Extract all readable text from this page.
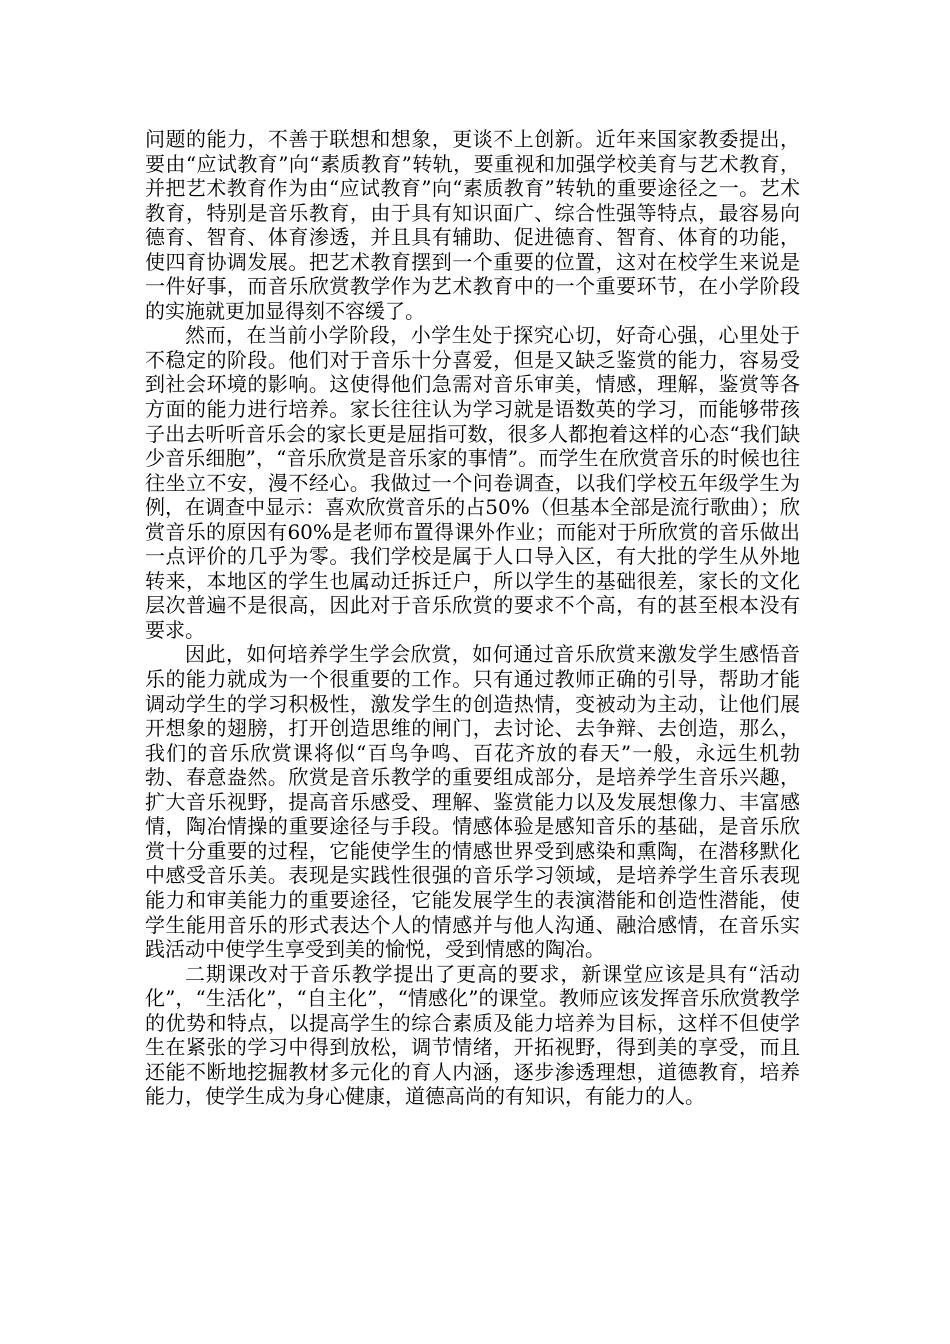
问题的能力，不善于联想和想象，更谈不上创新。近年来国家教委提出，要由“应试教育”向“素质教育”转轨，要重视和加强学校美育与艺术教育，并把艺术教育作为由“应试教育”向“素质教育”转轨的重要途径之一。艺术教育，特别是音乐教育，由于具有知识面广、综合性强等特点，最容易向德育、智育、体育渗透，并且具有辅助、促进德育、智育、体育的功能，使四育协调发展。把艺术教育摆到一个重要的位置，这对在校学生来说是一件好事，而音乐欣赏教学作为艺术教育中的一个重要环节，在小学阶段的实施就更加显得刻不容缓了。

然而，在当前小学阶段，小学生处于探究心切，好奇心强，心里处于不稳定的阶段。他们对于音乐十分喜爱，但是又缺乏鉴赏的能力，容易受到社会环境的影响。这使得他们急需对音乐审美，情感，理解，鉴赏等各方面的能力进行培养。家长往往认为学习就是语数英的学习，而能够带孩子出去听听音乐会的家长更是屈指可数，很多人都抱着这样的心态“我们缺少音乐细胞”，“音乐欣赏是音乐家的事情”。而学生在欣赏音乐的时候也往往坐立不安，漫不经心。我做过一个问卷调查，以我们学校五年级学生为例，在调查中显示：喜欢欣赏音乐的占50%（但基本全部是流行歌曲）；欣赏音乐的原因有60%是老师布置得课外作业；而能对于所欣赏的音乐做出一点评价的几乎为零。我们学校是属于人口导入区，有大批的学生从外地转来，本地区的学生也属动迁拆迁户，所以学生的基础很差，家长的文化层次普遍不是很高，因此对于音乐欣赏的要求不个高，有的甚至根本没有要求。

因此，如何培养学生学会欣赏，如何通过音乐欣赏来激发学生感悟音乐的能力就成为一个很重要的工作。只有通过教师正确的引导，帮助才能调动学生的学习积极性，激发学生的创造热情，变被动为主动，让他们展开想象的翅膀，打开创造思维的闸门，去讨论、去争辩、去创造，那么，我们的音乐欣赏课将似“百鸟争鸣、百花齐放的春天”一般，永远生机勃勃、春意盎然。欣赏是音乐教学的重要组成部分，是培养学生音乐兴趣，扩大音乐视野，提高音乐感受、理解、鉴赏能力以及发展想像力、丰富感情，陶冶情操的重要途径与手段。情感体验是感知音乐的基础，是音乐欣赏十分重要的过程，它能使学生的情感世界受到感染和熏陶，在潜移默化中感受音乐美。表现是实践性很强的音乐学习领域，是培养学生音乐表现能力和审美能力的重要途径，它能发展学生的表演潜能和创造性潜能，使学生能用音乐的形式表达个人的情感并与他人沟通、融洽感情，在音乐实践活动中使学生享受到美的愉悦，受到情感的陶冶。

二期课改对于音乐教学提出了更高的要求，新课堂应该是具有“活动化”，“生活化”，“自主化”，“情感化”的课堂。教师应该发挥音乐欣赏教学的优势和特点，以提高学生的综合素质及能力培养为目标，这样不但使学生在紧张的学习中得到放松，调节情绪，开拓视野，得到美的享受，而且还能不断地挖掘教材多元化的育人内涵，逐步渗透理想，道德教育，培养能力，使学生成为身心健康，道德高尚的有知识，有能力的人。
